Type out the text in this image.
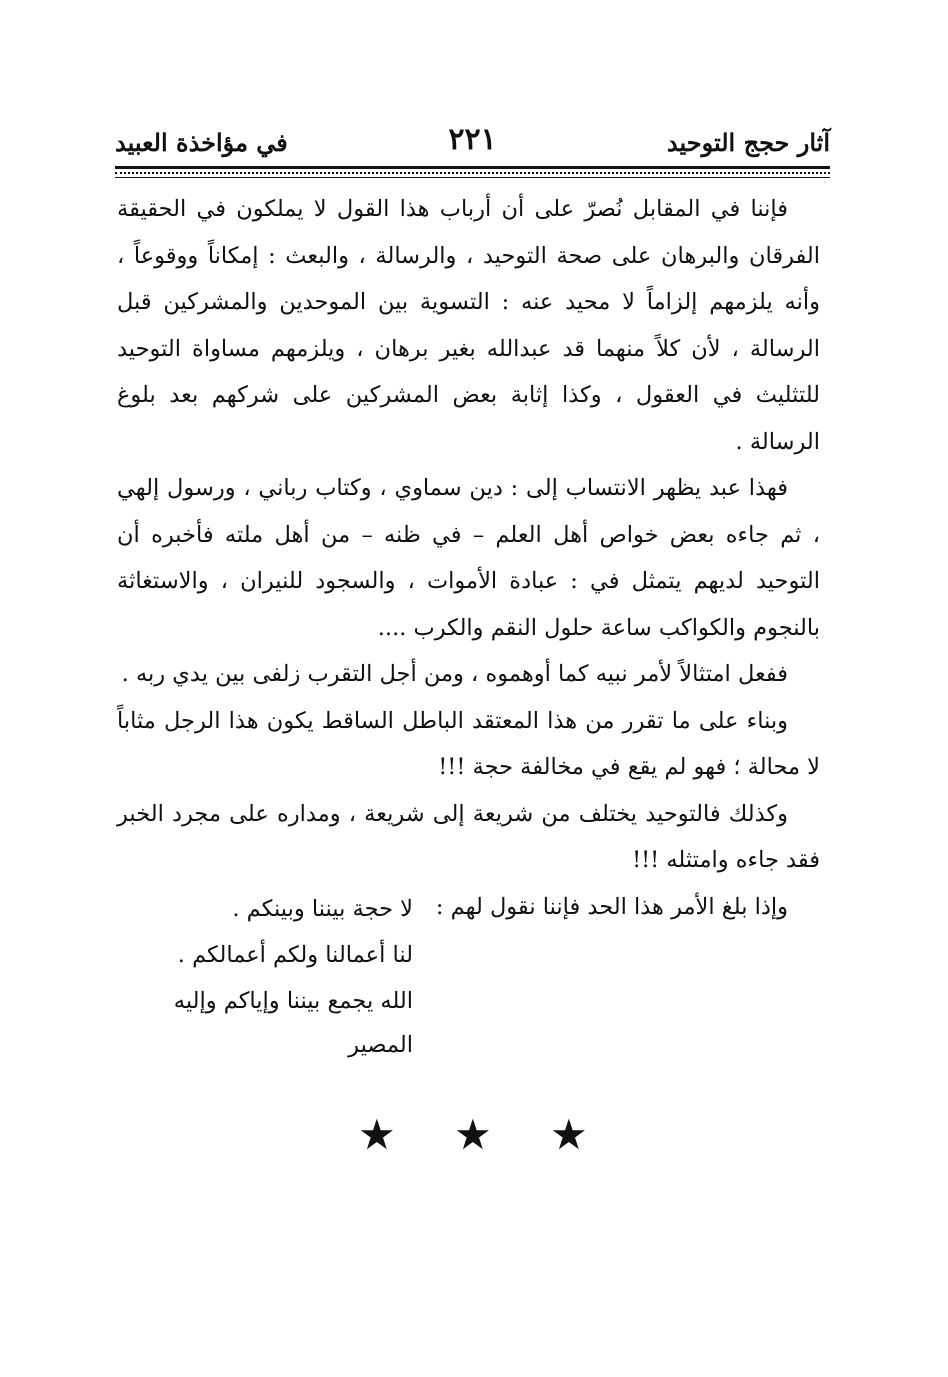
آثار حجج التوحيد
٢٢١
في مؤاخذة العبيد

فإننا في المقابل نُصرّ على أن أرباب هذا القول لا يملكون في الحقيقة الفرقان والبرهان على صحة التوحيد ، والرسالة ، والبعث : إمكاناً ووقوعاً ، وأنه يلزمهم إلزاماً لا محيد عنه : التسوية بين الموحدين والمشركين قبل الرسالة ، لأن كلاً منهما قد عبدالله بغير برهان ، ويلزمهم مساواة التوحيد للتثليث في العقول ، وكذا إثابة بعض المشركين على شركهم بعد بلوغ الرسالة .

فهذا عبد يظهر الانتساب إلى : دين سماوي ، وكتاب رباني ، ورسول إلهي ، ثم جاءه بعض خواص أهل العلم – في ظنه – من أهل ملته فأخبره أن التوحيد لديهم يتمثل في : عبادة الأموات ، والسجود للنيران ، والاستغاثة بالنجوم والكواكب ساعة حلول النقم والكرب ....

ففعل امتثالاً لأمر نبيه كما أوهموه ، ومن أجل التقرب زلفى بين يدي ربه .

وبناء على ما تقرر من هذا المعتقد الباطل الساقط يكون هذا الرجل مثاباً لا محالة ؛ فهو لم يقع في مخالفة حجة !!!

وكذلك فالتوحيد يختلف من شريعة إلى شريعة ، ومداره على مجرد الخبر فقد جاءه وامتثله !!!

وإذا بلغ الأمر هذا الحد فإننا نقول لهم :

لا حجة بيننا وبينكم .
لنا أعمالنا ولكم أعمالكم .
الله يجمع بيننا وإياكم وإليه المصير
★ ★ ★
